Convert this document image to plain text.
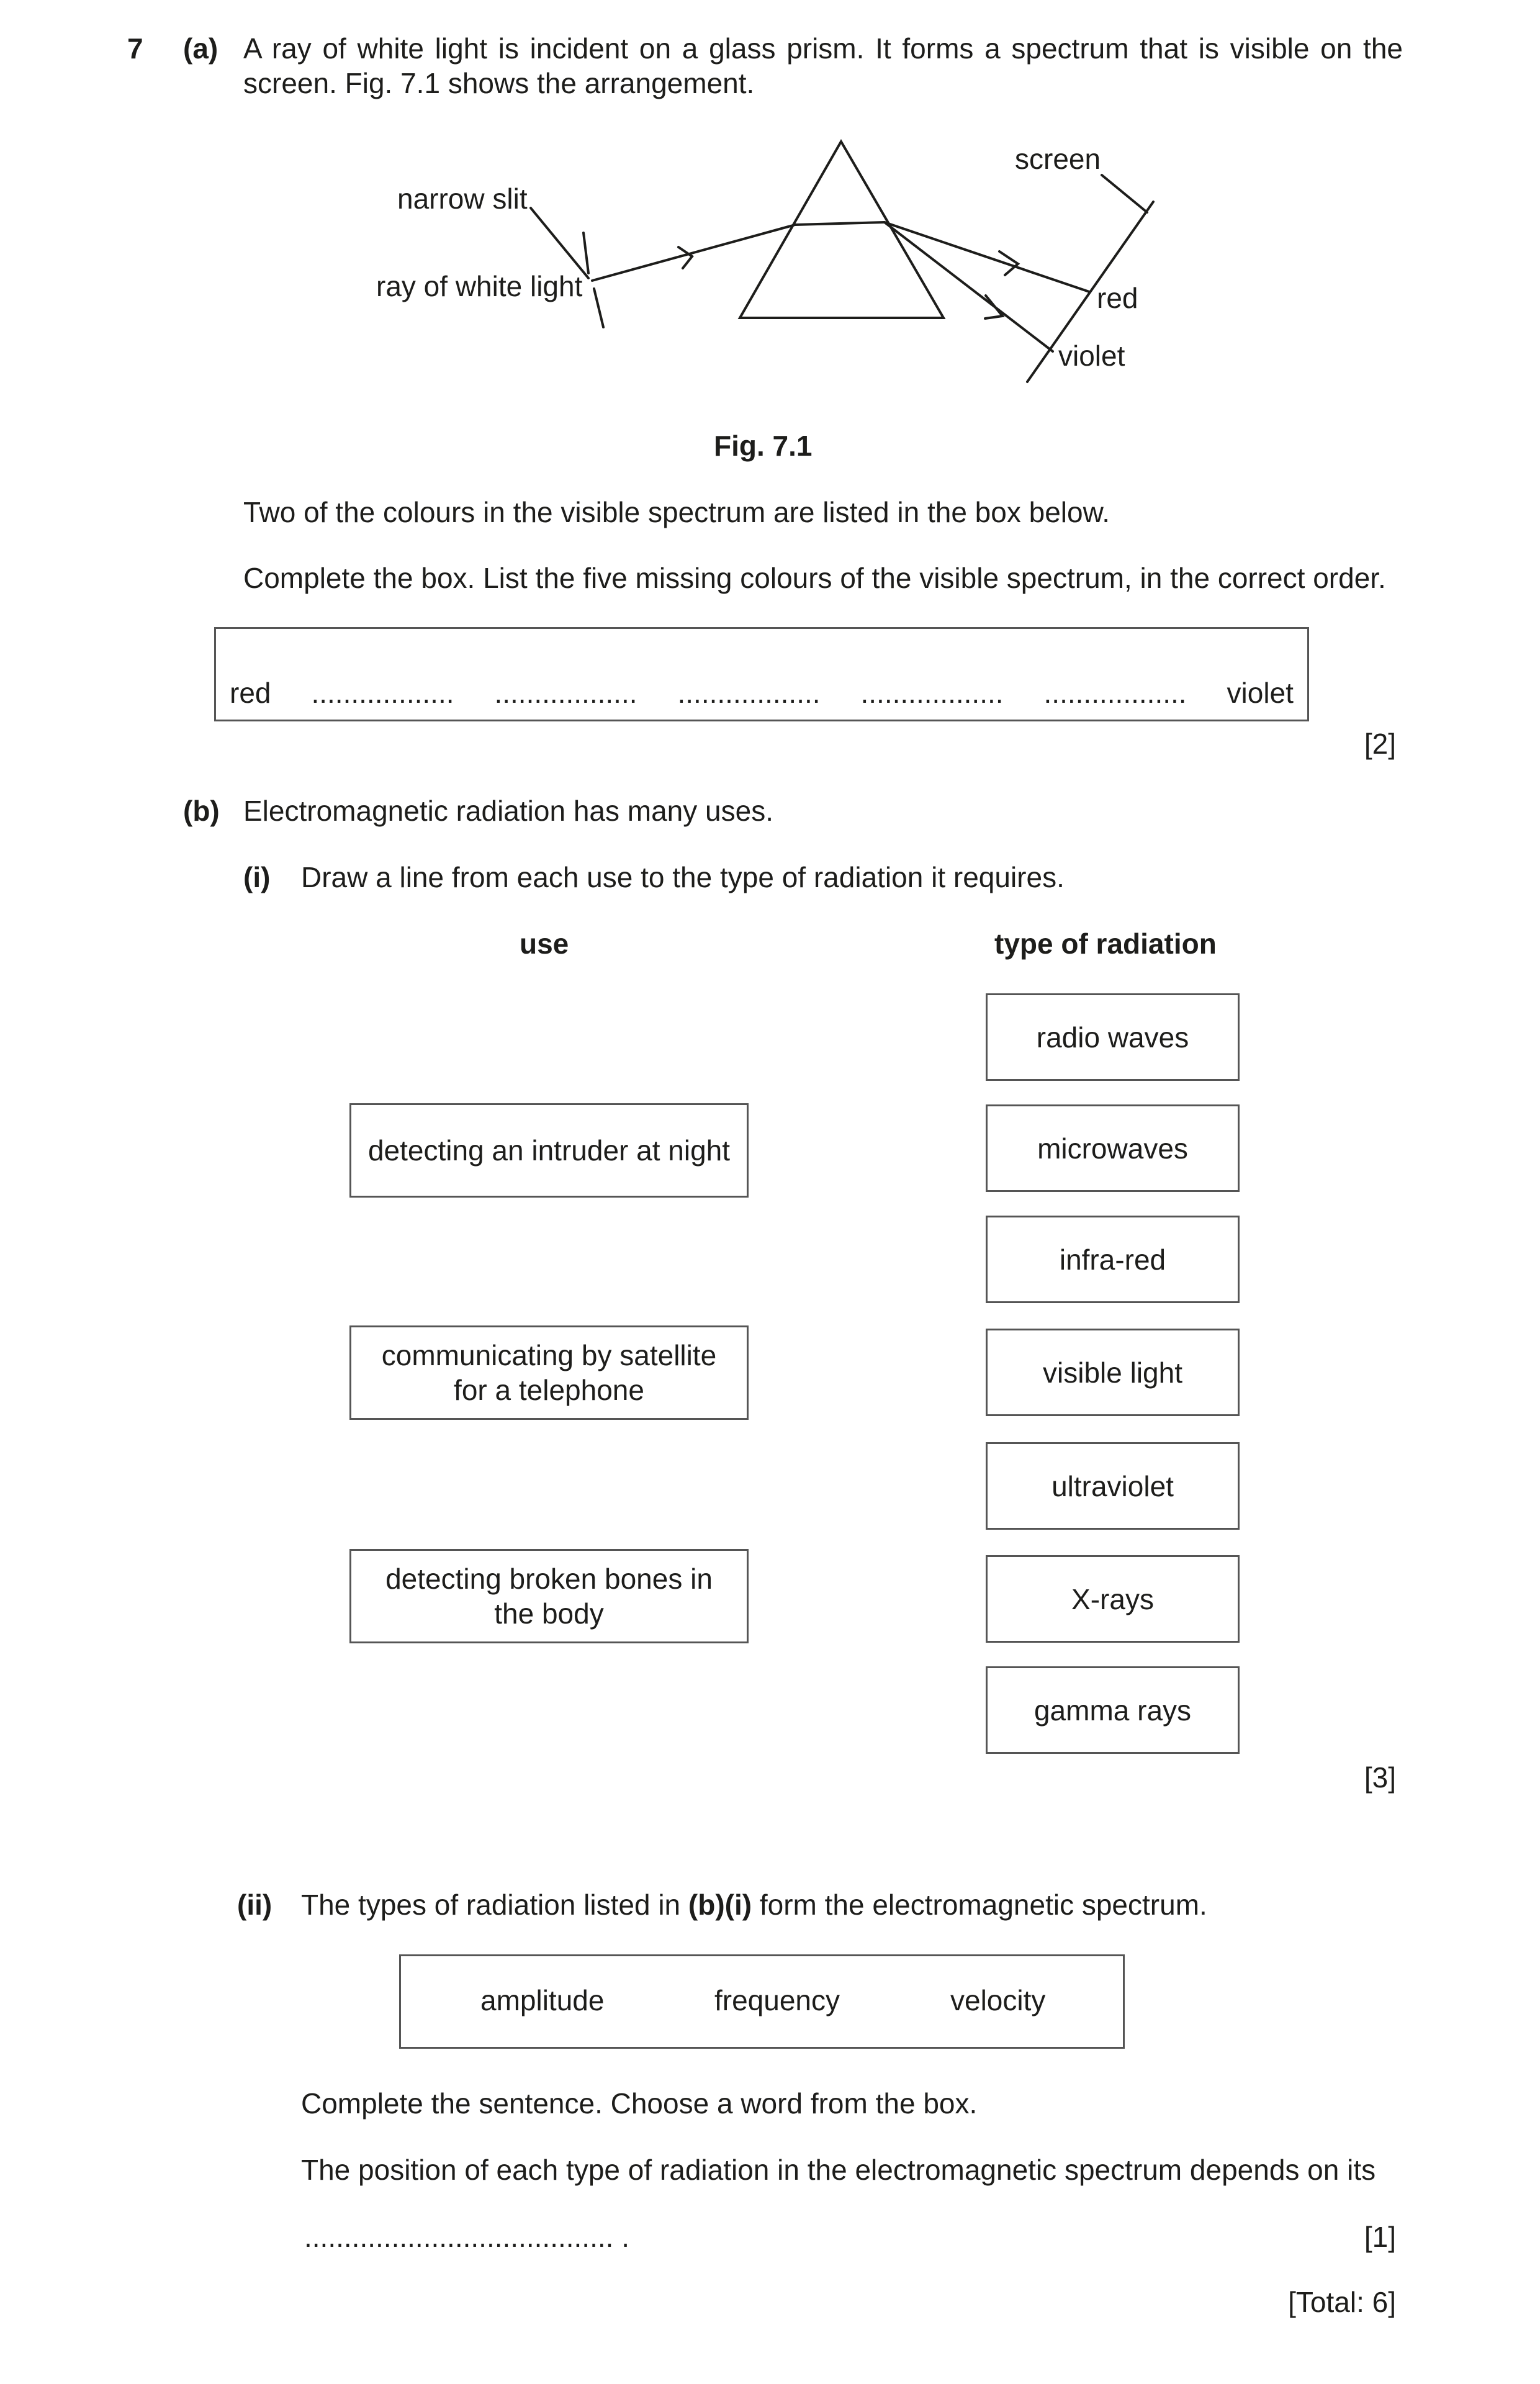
7 (a) A ray of white light is incident on a glass prism. It forms a spectrum that is visible on the screen. Fig. 7.1 shows the arrangement.
narrow slit
ray of white light
screen
red
violet
Fig. 7.1
Two of the colours in the visible spectrum are listed in the box below.
Complete the box. List the five missing colours of the visible spectrum, in the correct order.
red .................. .................. .................. .................. .................. violet
[2]
(b) Electromagnetic radiation has many uses.
(i) Draw a line from each use to the type of radiation it requires.
use	type of radiation
detecting an intruder at night
communicating by satellite
for a telephone
detecting broken bones in
the body
radio waves
microwaves
infra-red
visible light
ultraviolet
X-rays
gamma rays
[3]
(ii) The types of radiation listed in (b)(i) form the electromagnetic spectrum.
amplitude	frequency	velocity
Complete the sentence. Choose a word from the box.
The position of each type of radiation in the electromagnetic spectrum depends on its
....................................... .	[1]
[Total: 6]
